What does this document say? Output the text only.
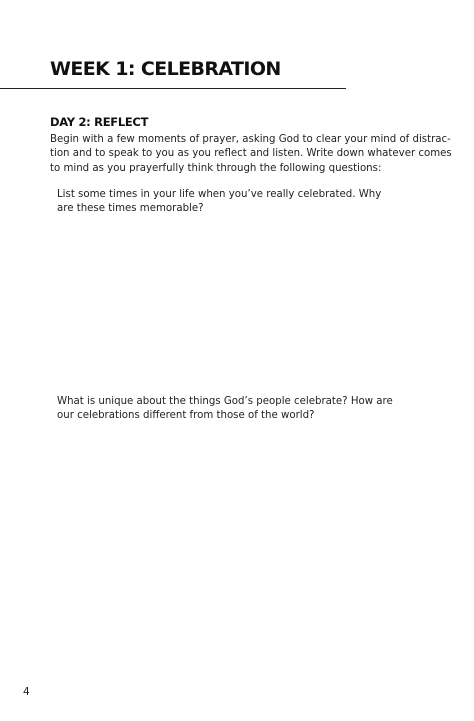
WEEK 1: CELEBRATION
DAY 2: REFLECT

Begin with a few moments of prayer, asking God to clear your mind of distrac-
tion and to speak to you as you reflect and listen. Write down whatever comes
to mind as you prayerfully think through the following questions:

List some times in your life when you’ve really celebrated. Why
are these times memorable?

What is unique about the things God’s people celebrate? How are
our celebrations different from those of the world?

4
